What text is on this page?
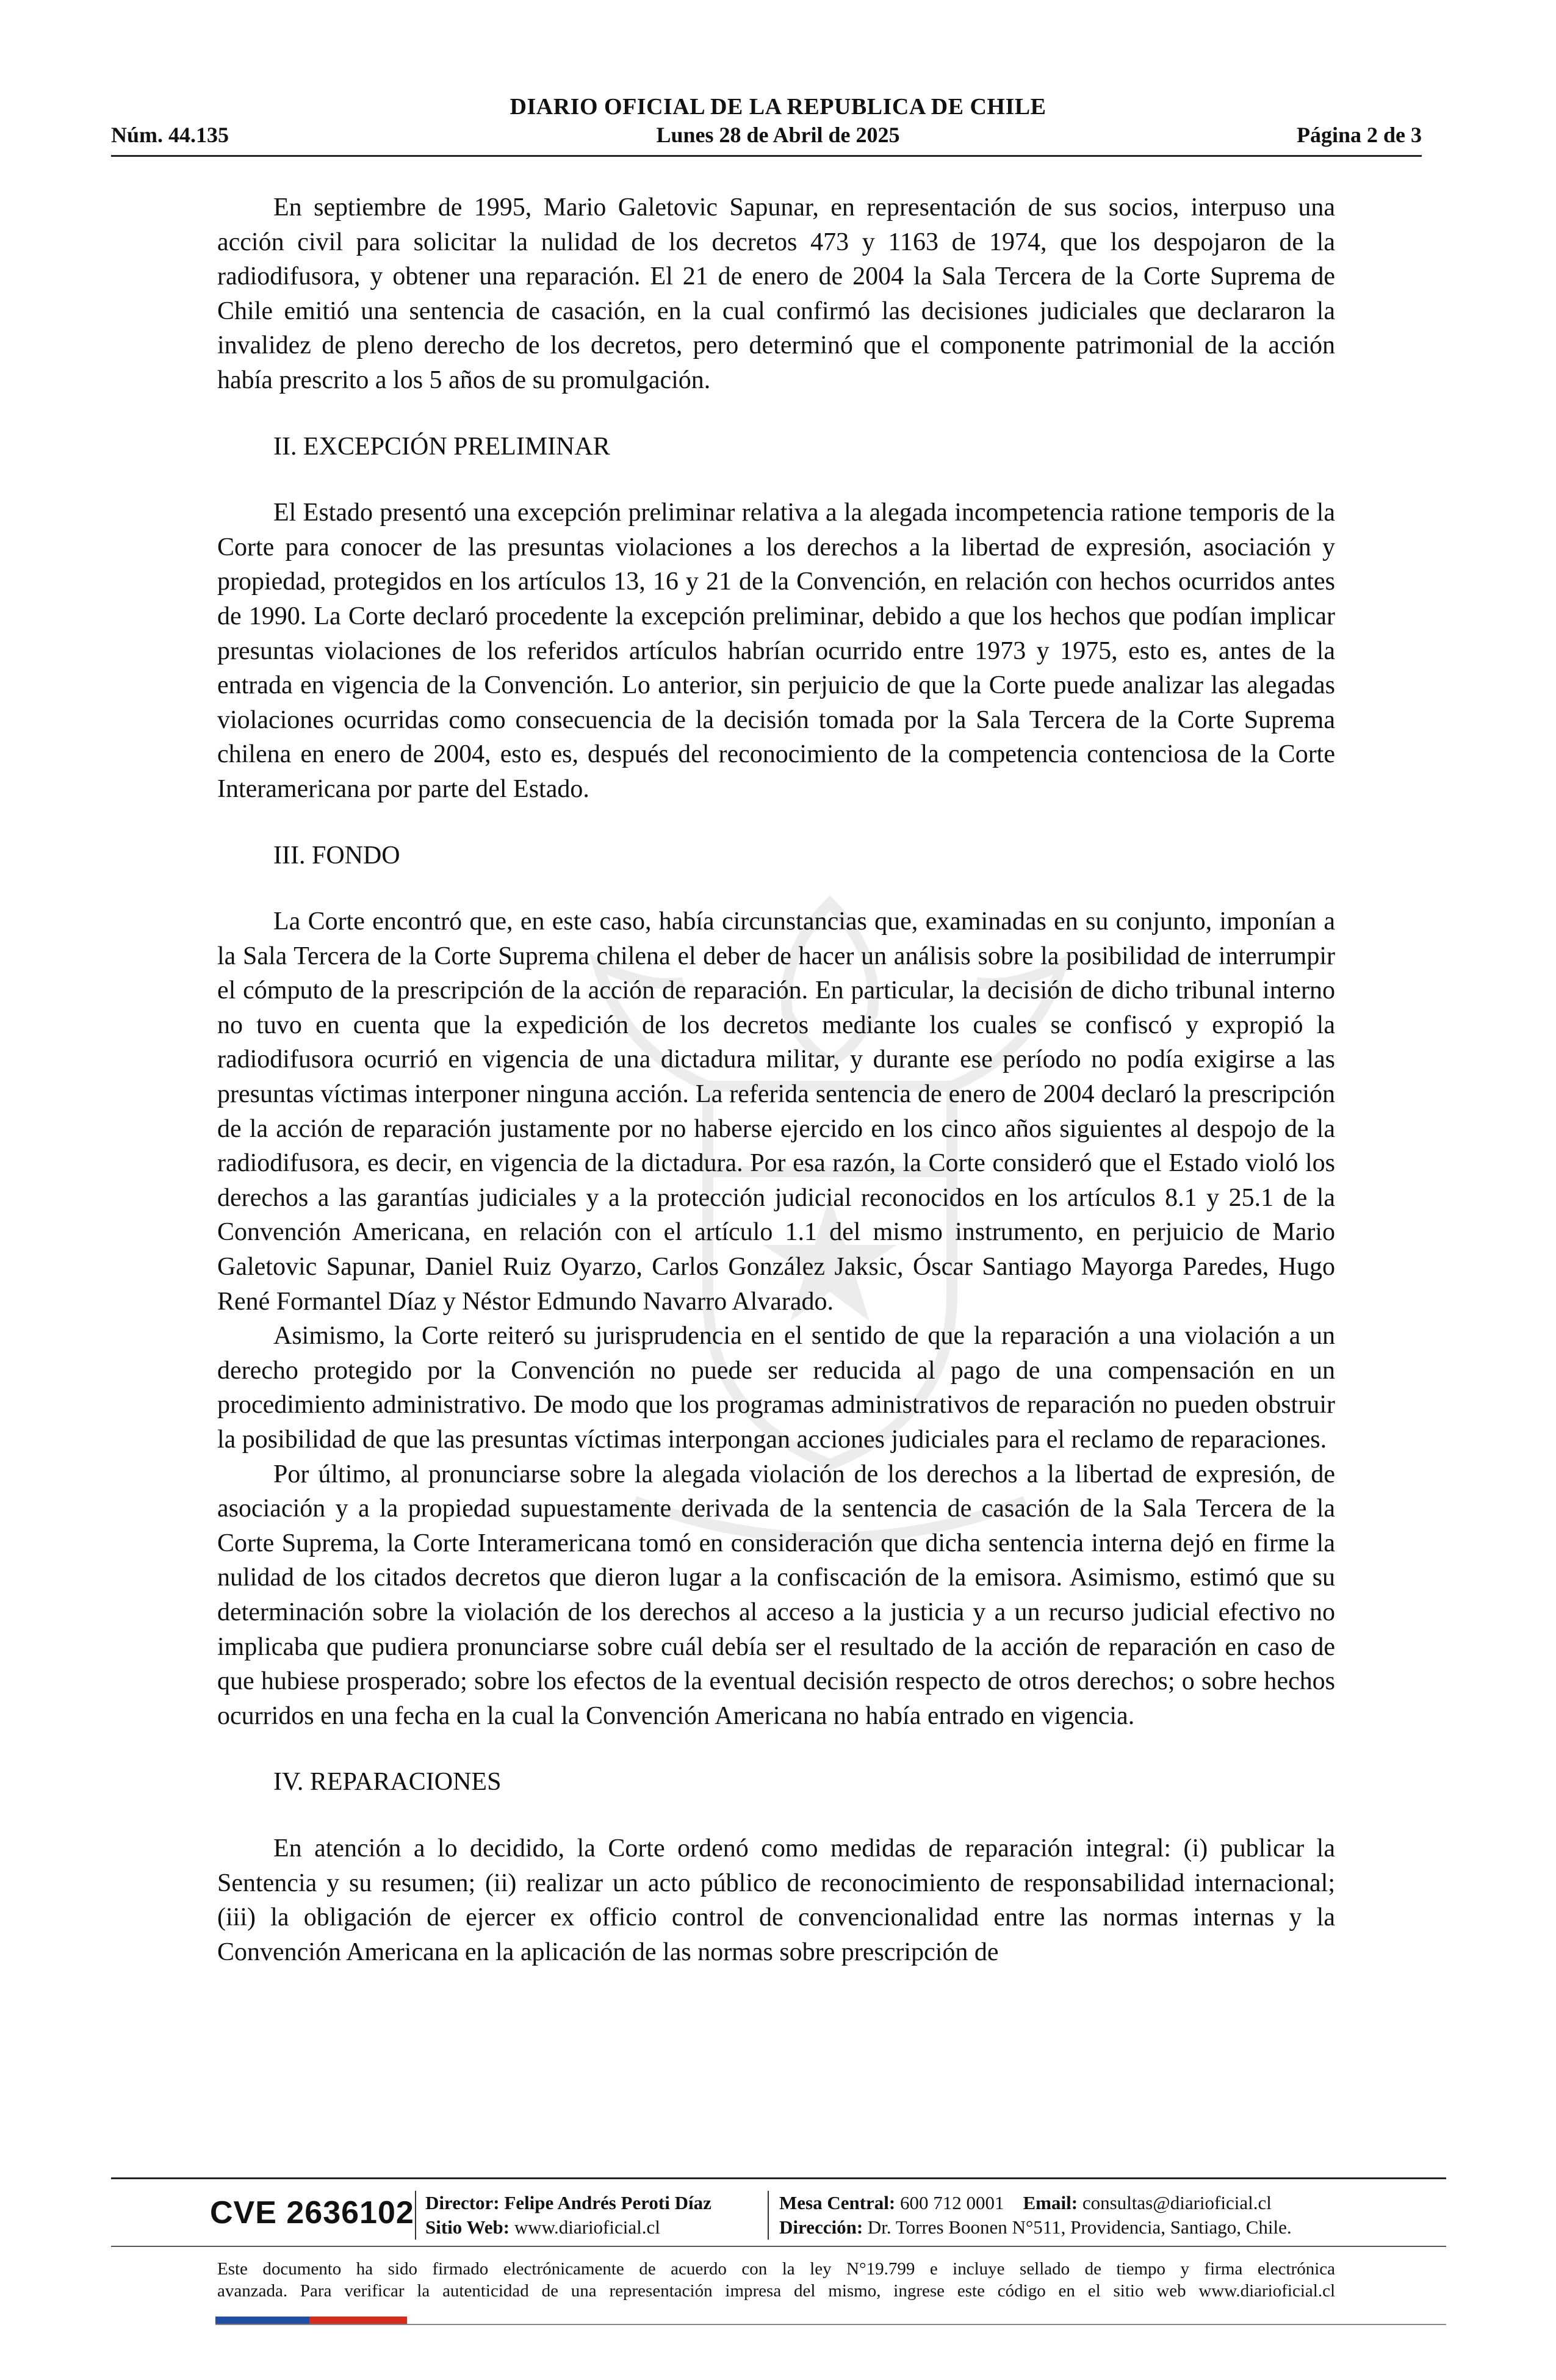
DIARIO OFICIAL DE LA REPUBLICA DE CHILE
Núm. 44.135	Lunes 28 de Abril de 2025	Página 2 de 3

En septiembre de 1995, Mario Galetovic Sapunar, en representación de sus socios, interpuso una acción civil para solicitar la nulidad de los decretos 473 y 1163 de 1974, que los despojaron de la radiodifusora, y obtener una reparación. El 21 de enero de 2004 la Sala Tercera de la Corte Suprema de Chile emitió una sentencia de casación, en la cual confirmó las decisiones judiciales que declararon la invalidez de pleno derecho de los decretos, pero determinó que el componente patrimonial de la acción había prescrito a los 5 años de su promulgación.

II. EXCEPCIÓN PRELIMINAR

El Estado presentó una excepción preliminar relativa a la alegada incompetencia ratione temporis de la Corte para conocer de las presuntas violaciones a los derechos a la libertad de expresión, asociación y propiedad, protegidos en los artículos 13, 16 y 21 de la Convención, en relación con hechos ocurridos antes de 1990. La Corte declaró procedente la excepción preliminar, debido a que los hechos que podían implicar presuntas violaciones de los referidos artículos habrían ocurrido entre 1973 y 1975, esto es, antes de la entrada en vigencia de la Convención. Lo anterior, sin perjuicio de que la Corte puede analizar las alegadas violaciones ocurridas como consecuencia de la decisión tomada por la Sala Tercera de la Corte Suprema chilena en enero de 2004, esto es, después del reconocimiento de la competencia contenciosa de la Corte Interamericana por parte del Estado.

III. FONDO

La Corte encontró que, en este caso, había circunstancias que, examinadas en su conjunto, imponían a la Sala Tercera de la Corte Suprema chilena el deber de hacer un análisis sobre la posibilidad de interrumpir el cómputo de la prescripción de la acción de reparación. En particular, la decisión de dicho tribunal interno no tuvo en cuenta que la expedición de los decretos mediante los cuales se confiscó y expropió la radiodifusora ocurrió en vigencia de una dictadura militar, y durante ese período no podía exigirse a las presuntas víctimas interponer ninguna acción. La referida sentencia de enero de 2004 declaró la prescripción de la acción de reparación justamente por no haberse ejercido en los cinco años siguientes al despojo de la radiodifusora, es decir, en vigencia de la dictadura. Por esa razón, la Corte consideró que el Estado violó los derechos a las garantías judiciales y a la protección judicial reconocidos en los artículos 8.1 y 25.1 de la Convención Americana, en relación con el artículo 1.1 del mismo instrumento, en perjuicio de Mario Galetovic Sapunar, Daniel Ruiz Oyarzo, Carlos González Jaksic, Óscar Santiago Mayorga Paredes, Hugo René Formantel Díaz y Néstor Edmundo Navarro Alvarado.

Asimismo, la Corte reiteró su jurisprudencia en el sentido de que la reparación a una violación a un derecho protegido por la Convención no puede ser reducida al pago de una compensación en un procedimiento administrativo. De modo que los programas administrativos de reparación no pueden obstruir la posibilidad de que las presuntas víctimas interpongan acciones judiciales para el reclamo de reparaciones.

Por último, al pronunciarse sobre la alegada violación de los derechos a la libertad de expresión, de asociación y a la propiedad supuestamente derivada de la sentencia de casación de la Sala Tercera de la Corte Suprema, la Corte Interamericana tomó en consideración que dicha sentencia interna dejó en firme la nulidad de los citados decretos que dieron lugar a la confiscación de la emisora. Asimismo, estimó que su determinación sobre la violación de los derechos al acceso a la justicia y a un recurso judicial efectivo no implicaba que pudiera pronunciarse sobre cuál debía ser el resultado de la acción de reparación en caso de que hubiese prosperado; sobre los efectos de la eventual decisión respecto de otros derechos; o sobre hechos ocurridos en una fecha en la cual la Convención Americana no había entrado en vigencia.

IV. REPARACIONES

En atención a lo decidido, la Corte ordenó como medidas de reparación integral: (i) publicar la Sentencia y su resumen; (ii) realizar un acto público de reconocimiento de responsabilidad internacional; (iii) la obligación de ejercer ex officio control de convencionalidad entre las normas internas y la Convención Americana en la aplicación de las normas sobre prescripción de

CVE 2636102 Director: Felipe Andrés Peroti Díaz
Sitio Web: www.diarioficial.cl
Mesa Central: 600 712 0001 Email: consultas@diarioficial.cl
Dirección: Dr. Torres Boonen N°511, Providencia, Santiago, Chile.
Este documento ha sido firmado electrónicamente de acuerdo con la ley N°19.799 e incluye sellado de tiempo y firma electrónica
avanzada. Para verificar la autenticidad de una representación impresa del mismo, ingrese este código en el sitio web www.diarioficial.cl
